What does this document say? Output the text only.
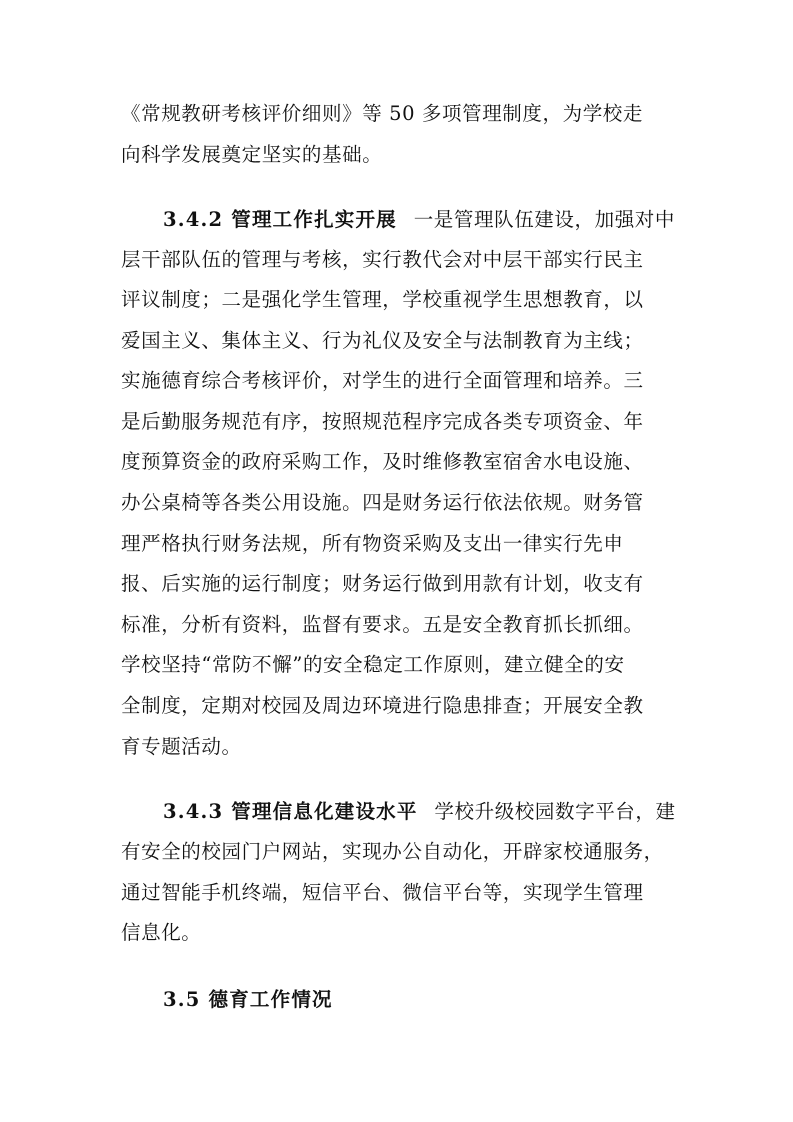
《常规教研考核评价细则》等 50 多项管理制度，为学校走
向科学发展奠定坚实的基础。
3.4.2 管理工作扎实开展 一是管理队伍建设，加强对中
层干部队伍的管理与考核，实行教代会对中层干部实行民主
评议制度；二是强化学生管理，学校重视学生思想教育，以
爱国主义、集体主义、行为礼仪及安全与法制教育为主线；
实施德育综合考核评价，对学生的进行全面管理和培养。三
是后勤服务规范有序，按照规范程序完成各类专项资金、年
度预算资金的政府采购工作，及时维修教室宿舍水电设施、
办公桌椅等各类公用设施。四是财务运行依法依规。财务管
理严格执行财务法规，所有物资采购及支出一律实行先申
报、后实施的运行制度；财务运行做到用款有计划，收支有
标准，分析有资料，监督有要求。五是安全教育抓长抓细。
学校坚持“常防不懈”的安全稳定工作原则，建立健全的安
全制度，定期对校园及周边环境进行隐患排查；开展安全教
育专题活动。
3.4.3 管理信息化建设水平 学校升级校园数字平台，建
有安全的校园门户网站，实现办公自动化，开辟家校通服务，
通过智能手机终端，短信平台、微信平台等，实现学生管理
信息化。
3.5 德育工作情况
